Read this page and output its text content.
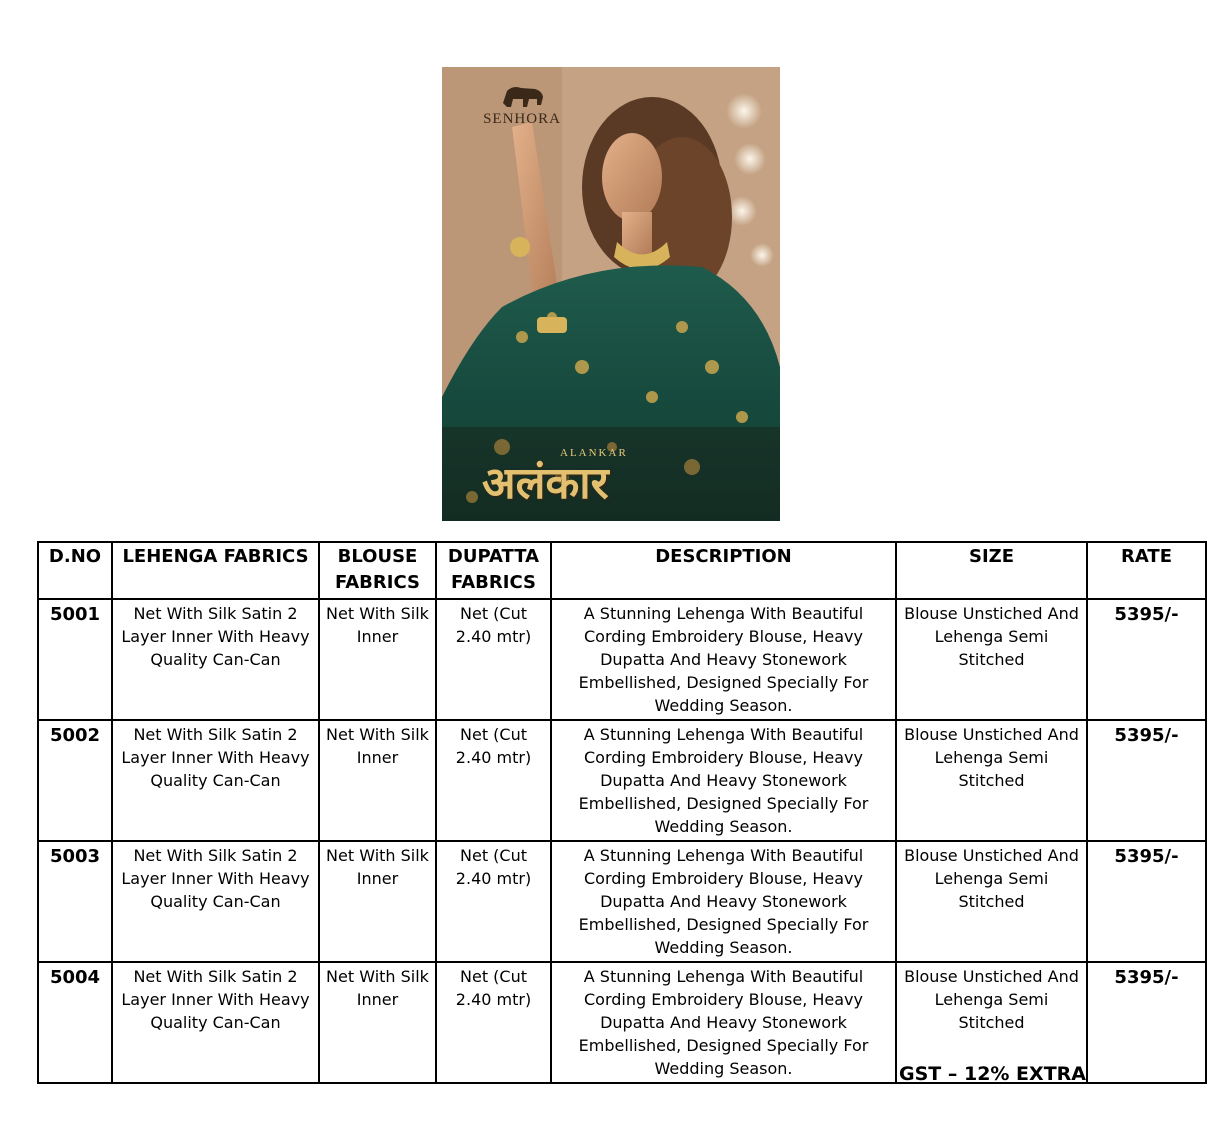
SENHORA
ALANKAR
अलंकार
D.NO	LEHENGA FABRICS	BLOUSE FABRICS	DUPATTA FABRICS	DESCRIPTION	SIZE	RATE
5001	Net With Silk Satin 2 Layer Inner With Heavy Quality Can-Can	Net With Silk Inner	Net (Cut 2.40 mtr)	A Stunning Lehenga With Beautiful Cording Embroidery Blouse, Heavy Dupatta And Heavy Stonework Embellished, Designed Specially For Wedding Season.	Blouse Unstiched And Lehenga Semi Stitched	5395/-
5002	Net With Silk Satin 2 Layer Inner With Heavy Quality Can-Can	Net With Silk Inner	Net (Cut 2.40 mtr)	A Stunning Lehenga With Beautiful Cording Embroidery Blouse, Heavy Dupatta And Heavy Stonework Embellished, Designed Specially For Wedding Season.	Blouse Unstiched And Lehenga Semi Stitched	5395/-
5003	Net With Silk Satin 2 Layer Inner With Heavy Quality Can-Can	Net With Silk Inner	Net (Cut 2.40 mtr)	A Stunning Lehenga With Beautiful Cording Embroidery Blouse, Heavy Dupatta And Heavy Stonework Embellished, Designed Specially For Wedding Season.	Blouse Unstiched And Lehenga Semi Stitched	5395/-
5004	Net With Silk Satin 2 Layer Inner With Heavy Quality Can-Can	Net With Silk Inner	Net (Cut 2.40 mtr)	A Stunning Lehenga With Beautiful Cording Embroidery Blouse, Heavy Dupatta And Heavy Stonework Embellished, Designed Specially For Wedding Season.	Blouse Unstiched And Lehenga Semi Stitched	5395/-
GST – 12% EXTRA
